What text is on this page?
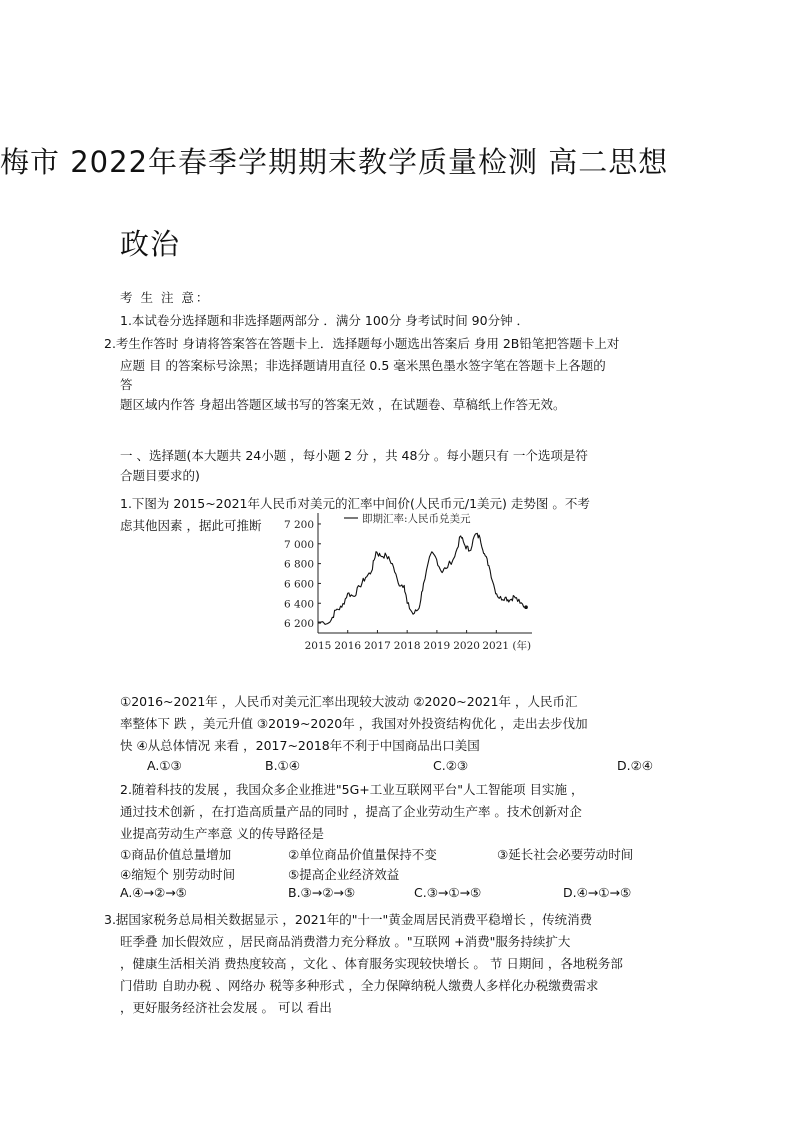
梅市 2022年春季学期期末教学质量检测 高二思想
政治
考 生 注 意：
1.本试卷分选择题和非选择题两部分 ．满分 100分 身考试时间 90分钟 ．
2.考生作答时 身请将答案答在答题卡上．选择题每小题选出答案后 身用 2B铅笔把答题卡上对
应题 目 的答案标号涂黑；非选择题请用直径 0.5 毫米黑色墨水签字笔在答题卡上各题的
答
题区域内作答 身超出答题区域书写的答案无效 ，在试题卷、草稿纸上作答无效。
一 、选择题(本大题共 24小题 ，每小题 2 分 ，共 48分 。每小题只有 一个选项是符
合题目要求的)
1.下图为 2015~2021年人民币对美元的汇率中间价(人民币元/1美元) 走势图 。不考
虑其他因素 ，据此可推断
6 200
6 400
6 600
6 800
7 000
7 200
2015 2016 2017 2018 2019 2020 2021 (年)
即期汇率:人民币兑美元
①2016~2021年 ，人民币对美元汇率出现较大波动 ②2020~2021年 ，人民币汇
率整体下 跌 ，美元升值 ③2019~2020年 ，我国对外投资结构优化 ，走出去步伐加
快 ④从总体情况 来看 ，2017~2018年不利于中国商品出口美国
A.①③	B.①④	C.②③	D.②④
2.随着科技的发展 ，我国众多企业推进"5G+工业互联网平台"人工智能项 目实施 ，
通过技术创新 ，在打造高质量产品的同时 ，提高了企业劳动生产率 。技术创新对企
业提高劳动生产率意 义的传导路径是
①商品价值总量增加	②单位商品价值量保持不变	③延长社会必要劳动时间
④缩短个 别劳动时间	⑤提高企业经济效益
A.④→②→⑤	B.③→②→⑤	C.③→①→⑤	D.④→①→⑤
3.据国家税务总局相关数据显示 ，2021年的"十一"黄金周居民消费平稳增长 ，传统消费
旺季叠 加长假效应 ，居民商品消费潜力充分释放 。"互联网 +消费"服务持续扩大
，健康生活相关消 费热度较高 ，文化 、体育服务实现较快增长 。 节 日期间 ，各地税务部
门借助 自助办税 、网络办 税等多种形式 ，全力保障纳税人缴费人多样化办税缴费需求
，更好服务经济社会发展 。 可以 看出
